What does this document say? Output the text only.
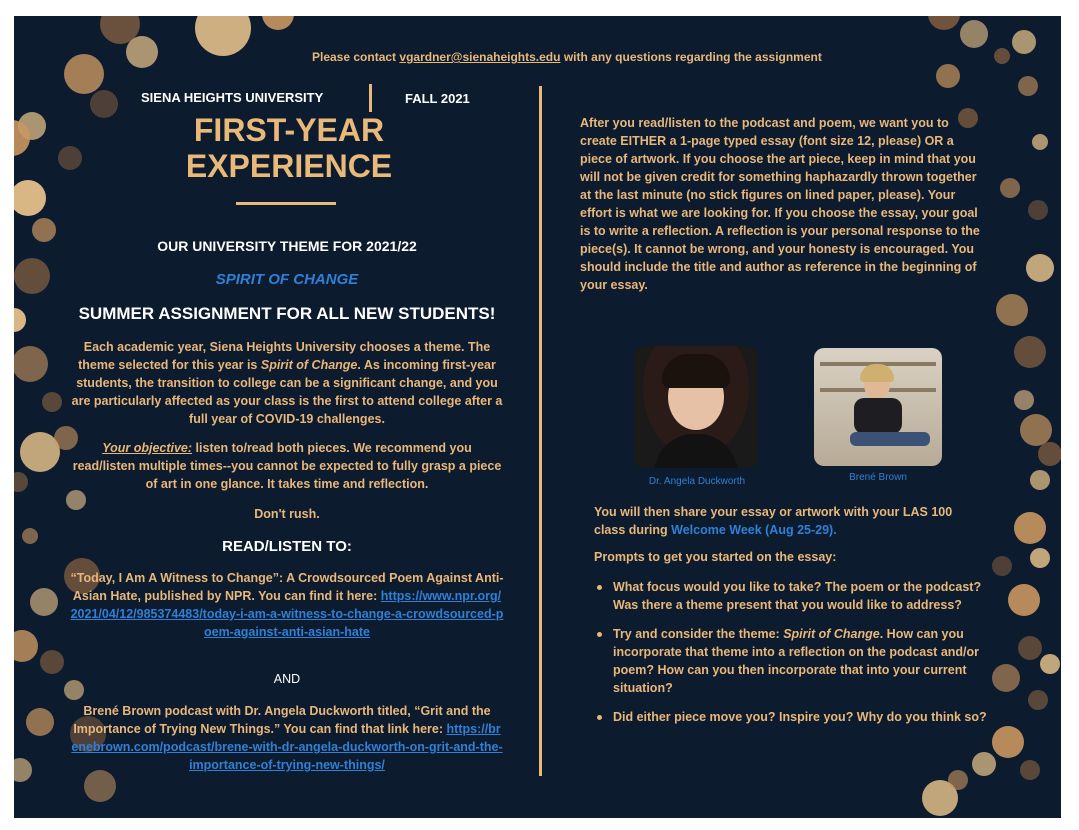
Please contact vgardner@sienaheights.edu with any questions regarding the assignment
SIENA HEIGHTS UNIVERSITY	FALL 2021
FIRST-YEAR
EXPERIENCE
OUR UNIVERSITY THEME FOR 2021/22
SPIRIT OF CHANGE
SUMMER ASSIGNMENT FOR ALL NEW STUDENTS!

Each academic year, Siena Heights University chooses a theme. The theme selected for this year is Spirit of Change. As incoming first-year students, the transition to college can be a significant change, and you are particularly affected as your class is the first to attend college after a full year of COVID-19 challenges.

Your objective: listen to/read both pieces. We recommend you read/listen multiple times--you cannot be expected to fully grasp a piece of art in one glance. It takes time and reflection.

Don't rush.
READ/LISTEN TO:

“Today, I Am A Witness to Change”: A Crowdsourced Poem Against Anti-Asian Hate, published by NPR. You can find it here: https://www.npr.org/2021/04/12/985374483/today-i-am-a-witness-to-change-a-crowdsourced-poem-against-anti-asian-hate

AND

Brené Brown podcast with Dr. Angela Duckworth titled, “Grit and the Importance of Trying New Things.” You can find that link here: https://brenebrown.com/podcast/brene-with-dr-angela-duckworth-on-grit-and-the-importance-of-trying-new-things/

After you read/listen to the podcast and poem, we want you to create EITHER a 1-page typed essay (font size 12, please) OR a piece of artwork. If you choose the art piece, keep in mind that you will not be given credit for something haphazardly thrown together at the last minute (no stick figures on lined paper, please). Your effort is what we are looking for. If you choose the essay, your goal is to write a reflection. A reflection is your personal response to the piece(s). It cannot be wrong, and your honesty is encouraged. You should include the title and author as reference in the beginning of your essay.

Dr. Angela Duckworth	Brené Brown

You will then share your essay or artwork with your LAS 100 class during Welcome Week (Aug 25-29).

Prompts to get you started on the essay:
What focus would you like to take? The poem or the podcast? Was there a theme present that you would like to address?
Try and consider the theme: Spirit of Change. How can you incorporate that theme into a reflection on the podcast and/or poem? How can you then incorporate that into your current situation?
Did either piece move you? Inspire you? Why do you think so?
